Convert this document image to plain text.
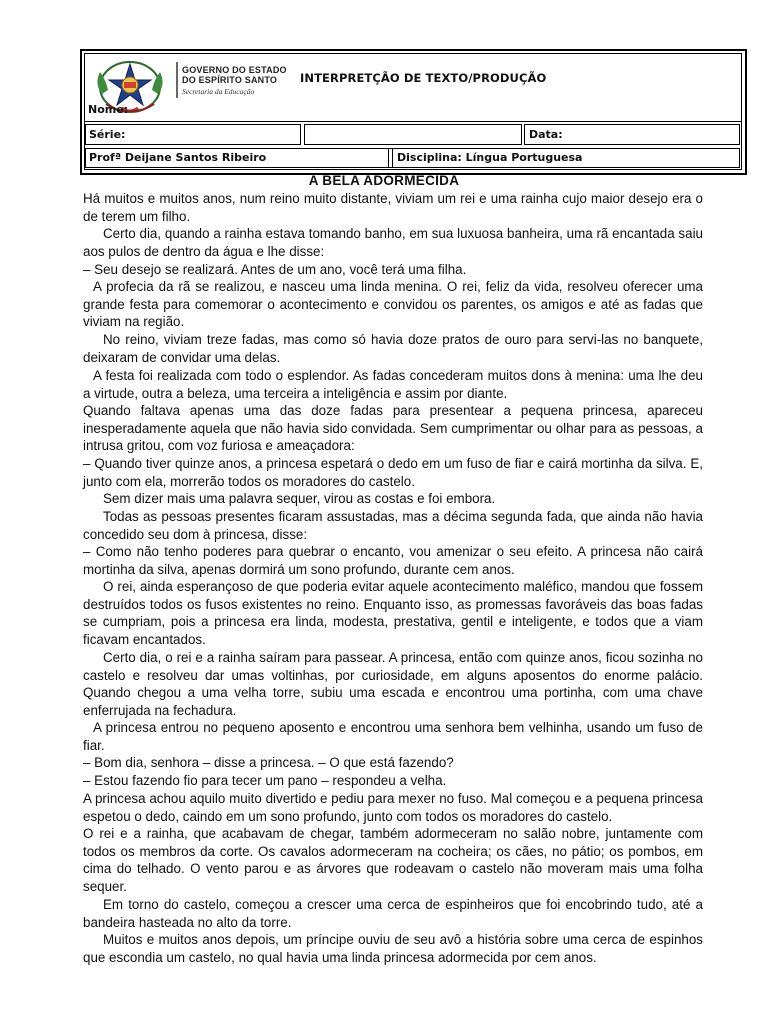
GOVERNO DO ESTADO
DO ESPÍRITO SANTO
Secretaria da Educação
INTERPRETÇÃO DE TEXTO/PRODUÇÃO
Nome:
Série:	Data:
Profª Deijane Santos Ribeiro	Disciplina: Língua Portuguesa
A BELA ADORMECIDA

Há muitos e muitos anos, num reino muito distante, viviam um rei e uma rainha cujo maior desejo era o de terem um filho.

Certo dia, quando a rainha estava tomando banho, em sua luxuosa banheira, uma rã encantada saiu aos pulos de dentro da água e lhe disse:

– Seu desejo se realizará. Antes de um ano, você terá uma filha.

A profecia da rã se realizou, e nasceu uma linda menina. O rei, feliz da vida, resolveu oferecer uma grande festa para comemorar o acontecimento e convidou os parentes, os amigos e até as fadas que viviam na região.

No reino, viviam treze fadas, mas como só havia doze pratos de ouro para servi-las no banquete, deixaram de convidar uma delas.

A festa foi realizada com todo o esplendor. As fadas concederam muitos dons à menina: uma lhe deu a virtude, outra a beleza, uma terceira a inteligência e assim por diante.

Quando faltava apenas uma das doze fadas para presentear a pequena princesa, apareceu inesperadamente aquela que não havia sido convidada. Sem cumprimentar ou olhar para as pessoas, a intrusa gritou, com voz furiosa e ameaçadora:

– Quando tiver quinze anos, a princesa espetará o dedo em um fuso de fiar e cairá mortinha da silva. E, junto com ela, morrerão todos os moradores do castelo.

Sem dizer mais uma palavra sequer, virou as costas e foi embora.

Todas as pessoas presentes ficaram assustadas, mas a décima segunda fada, que ainda não havia concedido seu dom à princesa, disse:

– Como não tenho poderes para quebrar o encanto, vou amenizar o seu efeito. A princesa não cairá mortinha da silva, apenas dormirá um sono profundo, durante cem anos.

O rei, ainda esperançoso de que poderia evitar aquele acontecimento maléfico, mandou que fossem destruídos todos os fusos existentes no reino. Enquanto isso, as promessas favoráveis das boas fadas se cumpriam, pois a princesa era linda, modesta, prestativa, gentil e inteligente, e todos que a viam ficavam encantados.

Certo dia, o rei e a rainha saíram para passear. A princesa, então com quinze anos, ficou sozinha no castelo e resolveu dar umas voltinhas, por curiosidade, em alguns aposentos do enorme palácio. Quando chegou a uma velha torre, subiu uma escada e encontrou uma portinha, com uma chave enferrujada na fechadura.

A princesa entrou no pequeno aposento e encontrou uma senhora bem velhinha, usando um fuso de fiar.

– Bom dia, senhora – disse a princesa. – O que está fazendo?

– Estou fazendo fio para tecer um pano – respondeu a velha.

A princesa achou aquilo muito divertido e pediu para mexer no fuso. Mal começou e a pequena princesa espetou o dedo, caindo em um sono profundo, junto com todos os moradores do castelo.

O rei e a rainha, que acabavam de chegar, também adormeceram no salão nobre, juntamente com todos os membros da corte. Os cavalos adormeceram na cocheira; os cães, no pátio; os pombos, em cima do telhado. O vento parou e as árvores que rodeavam o castelo não moveram mais uma folha sequer.

Em torno do castelo, começou a crescer uma cerca de espinheiros que foi encobrindo tudo, até a bandeira hasteada no alto da torre.

Muitos e muitos anos depois, um príncipe ouviu de seu avô a história sobre uma cerca de espinhos que escondia um castelo, no qual havia uma linda princesa adormecida por cem anos.
